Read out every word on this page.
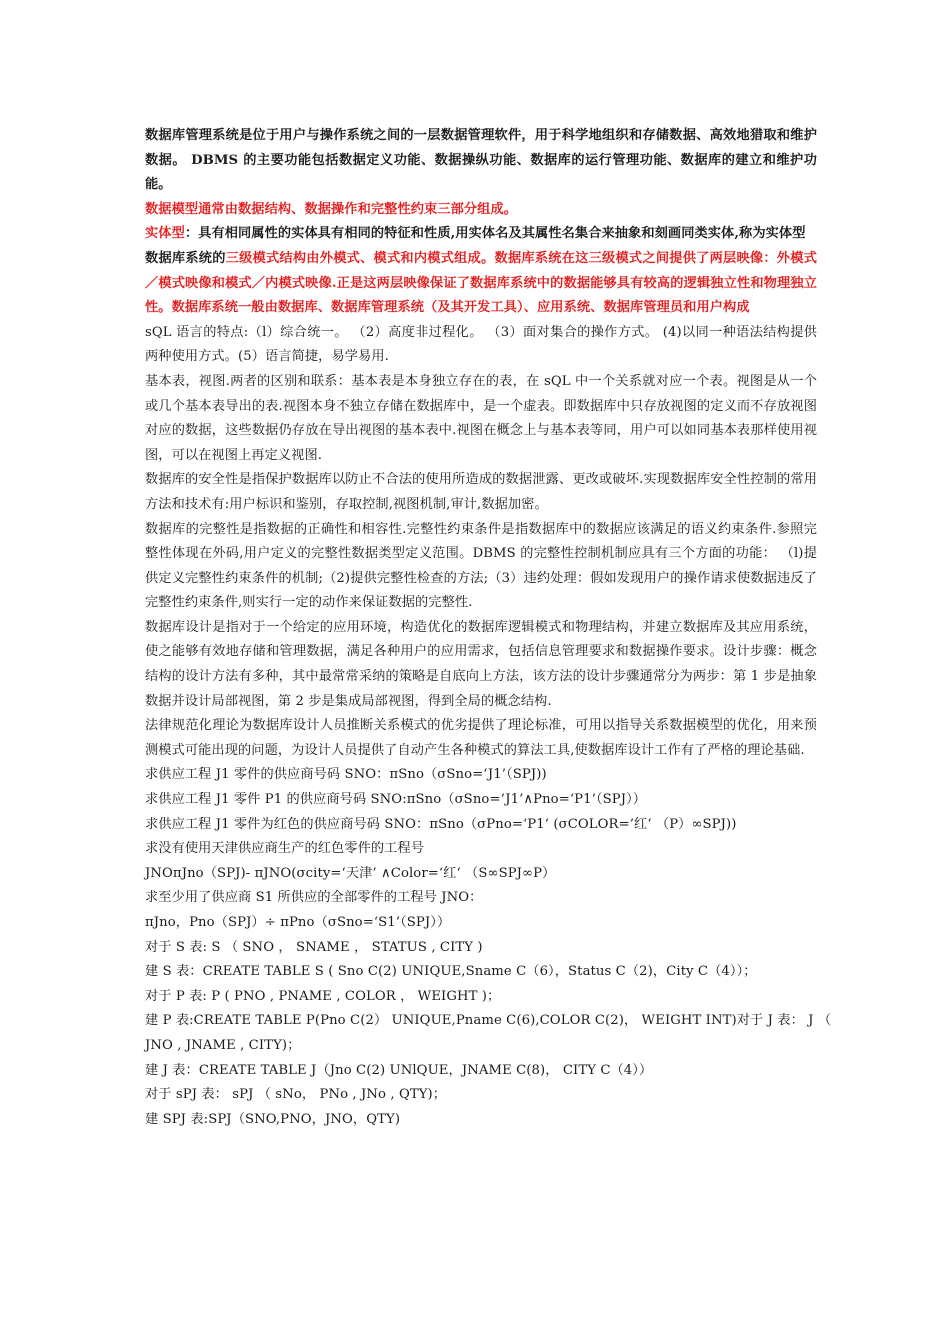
数据库管理系统是位于用户与操作系统之间的一层数据管理软件，用于科学地组织和存储数据、高效地猎取和维护数据。 DBMS 的主要功能包括数据定义功能、数据操纵功能、数据库的运行管理功能、数据库的建立和维护功能。

数据模型通常由数据结构、数据操作和完整性约束三部分组成。

实体型：具有相同属性的实体具有相同的特征和性质,用实体名及其属性名集合来抽象和刻画同类实体,称为实体型

数据库系统的三级模式结构由外模式、模式和内模式组成。数据库系统在这三级模式之间提供了两层映像：外模式／模式映像和模式／内模式映像.正是这两层映像保证了数据库系统中的数据能够具有较高的逻辑独立性和物理独立性。数据库系统一般由数据库、数据库管理系统（及其开发工具）、应用系统、数据库管理员和用户构成

sQL 语言的特点:（l）综合统一。 （2）高度非过程化。 （3）面对集合的操作方式。 (4)以同一种语法结构提供两种使用方式。(5）语言简捷，易学易用.

基本表，视图.两者的区别和联系：基本表是本身独立存在的表，在 sQL 中一个关系就对应一个表。视图是从一个或几个基本表导出的表.视图本身不独立存储在数据库中，是一个虚表。即数据库中只存放视图的定义而不存放视图对应的数据，这些数据仍存放在导出视图的基本表中.视图在概念上与基本表等同，用户可以如同基本表那样使用视图，可以在视图上再定义视图.

数据库的安全性是指保护数据库以防止不合法的使用所造成的数据泄露、更改或破坏.实现数据库安全性控制的常用方法和技术有:用户标识和鉴别，存取控制,视图机制,审计,数据加密。

数据库的完整性是指数据的正确性和相容性.完整性约束条件是指数据库中的数据应该满足的语义约束条件.参照完整性体现在外码,用户定义的完整性数据类型定义范围。DBMS 的完整性控制机制应具有三个方面的功能： （l)提供定义完整性约束条件的机制;（2)提供完整性检查的方法;（3）违约处理：假如发现用户的操作请求使数据违反了完整性约束条件,则实行一定的动作来保证数据的完整性.

数据库设计是指对于一个给定的应用环境，构造优化的数据库逻辑模式和物理结构，并建立数据库及其应用系统，使之能够有效地存储和管理数据，满足各种用户的应用需求，包括信息管理要求和数据操作要求。设计步骤：概念结构的设计方法有多种，其中最常常采纳的策略是自底向上方法，该方法的设计步骤通常分为两步：第 1 步是抽象数据并设计局部视图，第 2 步是集成局部视图，得到全局的概念结构.

法律规范化理论为数据库设计人员推断关系模式的优劣提供了理论标准，可用以指导关系数据模型的优化，用来预测模式可能出现的问题，为设计人员提供了自动产生各种模式的算法工具,使数据库设计工作有了严格的理论基础.

求供应工程 J1 零件的供应商号码 SNO：πSno（σSno=‘J1’（SPJ))

求供应工程 J1 零件 P1 的供应商号码 SNO:πSno（σSno=‘J1’∧Pno=‘P1‘（SPJ））

求供应工程 J1 零件为红色的供应商号码 SNO：πSno（σPno=‘P1‘ (σCOLOR=’红‘ （P）∞SPJ))

求没有使用天津供应商生产的红色零件的工程号

JNOπJno（SPJ)- πJNO(σcity=‘天津’ ∧Color=‘红‘ （S∞SPJ∞P）

求至少用了供应商 S1 所供应的全部零件的工程号 JNO：

πJno，Pno（SPJ）÷ πPno（σSno=‘S1‘（SPJ））

对于 S 表: S （ SNO ， SNAME ， STATUS , CITY )

建 S 表：CREATE TABLE S ( Sno C(2) UNIQUE,Sname C（6），Status C（2)，City C（4））；

对于 P 表: P ( PNO , PNAME , COLOR ， WEIGHT )；

建 P 表:CREATE TABLE P(Pno C(2） UNIQUE,Pname C(6),COLOR C(2)， WEIGHT INT)对于 J 表： J （

JNO , JNAME , CITY)；

建 J 表：CREATE TABLE J（Jno C(2) UNlQUE，JNAME C(8)， CITY C（4））

对于 sPJ 表： sPJ （ sNo， PNo , JNo , QTY)；

建 SPJ 表:SPJ（SNO,PNO，JNO，QTY)
